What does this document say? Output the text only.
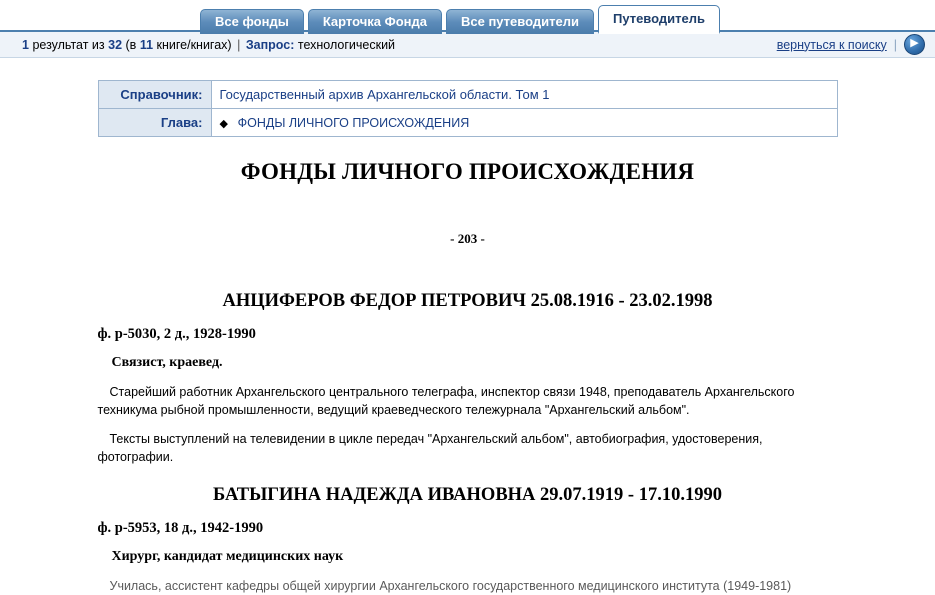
Все фонды	Карточка Фонда	Все путеводители	Путеводитель
1 результат из 32 (в 11 книге/книгах) | Запрос: технологический	вернуться к поиску |	▶
Справочник:	Государственный архив Архангельской области. Том 1
Глава:	◆ ФОНДЫ ЛИЧНОГО ПРОИСХОЖДЕНИЯ
ФОНДЫ ЛИЧНОГО ПРОИСХОЖДЕНИЯ
- 203 -
АНЦИФЕРОВ ФЕДОР ПЕТРОВИЧ 25.08.1916 - 23.02.1998
ф. р-5030, 2 д., 1928-1990
Связист, краевед.
Старейший работник Архангельского центрального телеграфа, инспектор связи 1948, преподаватель Архангельского техникума рыбной промышленности, ведущий краеведческого тележурнала "Архангельский альбом".
Тексты выступлений на телевидении в цикле передач "Архангельский альбом", автобиография, удостоверения, фотографии.
БАТЫГИНА НАДЕЖДА ИВАНОВНА 29.07.1919 - 17.10.1990
ф. р-5953, 18 д., 1942-1990
Хирург, кандидат медицинских наук
Училась, ассистент кафедры общей хирургии Архангельского государственного медицинского института (1949-1981)
